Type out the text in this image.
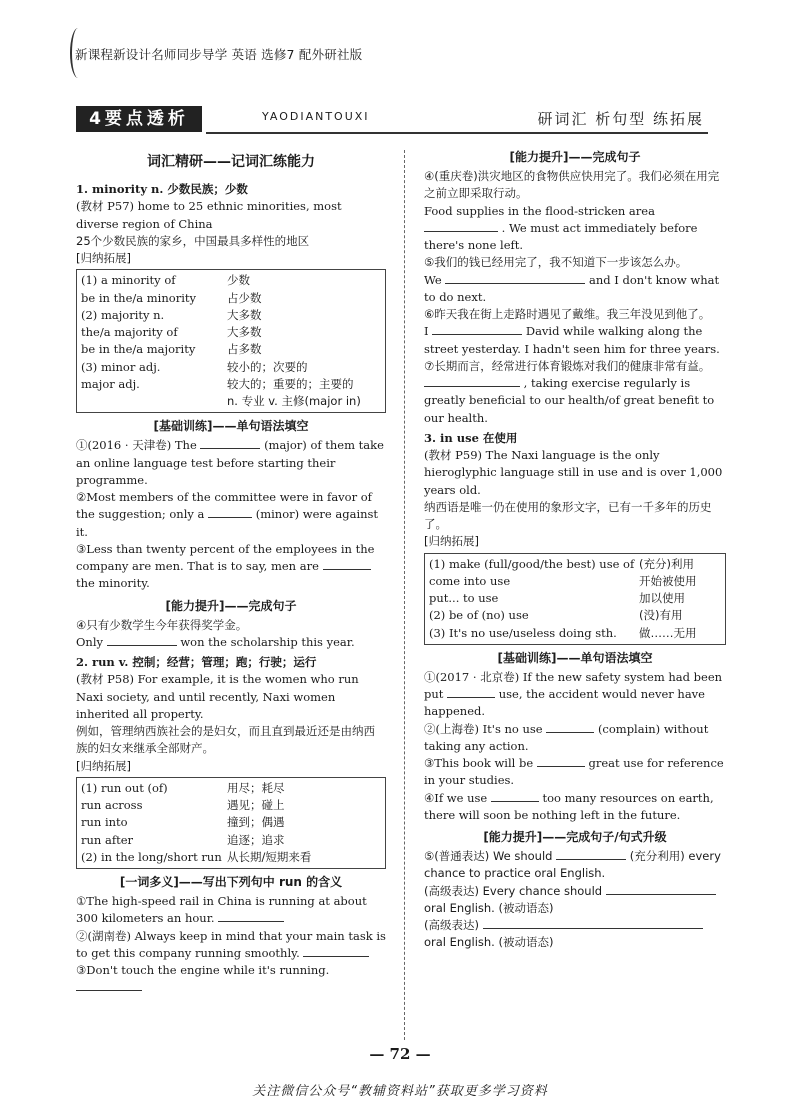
新课程新设计名师同步导学 英语 选修7 配外研社版
4要点透析	YAODIANTOUXI	研词汇 析句型 练拓展

词汇精研——记词汇练能力

1. minority n. 少数民族；少数

(教材 P57) home to 25 ethnic minorities, most diverse region of China

25个少数民族的家乡，中国最具多样性的地区

[归纳拓展]

(1) a minority of	少数
be in the/a minority	占少数
(2) majority n.	大多数
the/a majority of	大多数
be in the/a majority	占多数
(3) minor adj.	较小的；次要的
major adj.	较大的；重要的；主要的
n. 专业 v. 主修(major in)

[基础训练]——单句语法填空

①(2016 · 天津卷) The	(major) of them take an online language test before starting their programme.

②Most members of the committee were in favor of the suggestion; only a	(minor) were against it.

③Less than twenty percent of the employees in the company are men. That is to say, men are  the minority.

[能力提升]——完成句子

④只有少数学生今年获得奖学金。

Only	won the scholarship this year.

2. run v. 控制；经营；管理；跑；行驶；运行

(教材 P58) For example, it is the women who run Naxi society, and until recently, Naxi women inherited all property.

例如，管理纳西族社会的是妇女，而且直到最近还是由纳西族的妇女来继承全部财产。

[归纳拓展]

(1) run out (of)	用尽；耗尽
run across	遇见；碰上
run into	撞到；偶遇
run after	追逐；追求
(2) in the long/short run 从长期/短期来看

[一词多义]——写出下列句中 run 的含义

①The high-speed rail in China is running at about 300 kilometers an hour.

②(湖南卷) Always keep in mind that your main task is to get this company running smoothly.

③Don't touch the engine while it's running.

[能力提升]——完成句子

④(重庆卷)洪灾地区的食物供应快用完了。我们必须在用完之前立即采取行动。

Food supplies in the flood-stricken area  . We must act immediately before there's none left.

⑤我们的钱已经用完了，我不知道下一步该怎么办。

We	and I don't know what to do next.

⑥昨天我在街上走路时遇见了戴维。我三年没见到他了。

I	David while walking along the street yesterday. I hadn't seen him for three years.

⑦长期而言，经常进行体育锻炼对我们的健康非常有益。

, taking exercise regularly is greatly beneficial to our health/of great benefit to our health.

3. in use 在使用

(教材 P59) The Naxi language is the only hieroglyphic language still in use and is over 1,000 years old.

纳西语是唯一仍在使用的象形文字，已有一千多年的历史了。

[归纳拓展]

(1) make (full/good/the best) use of (充分)利用
come into use	开始被使用
put... to use	加以使用
(2) be of (no) use	(没)有用
(3) It's no use/useless doing sth.	做……无用

[基础训练]——单句语法填空

①(2017 · 北京卷) If the new safety system had been put	use, the accident would never have happened.

②(上海卷) It's no use	(complain) without taking any action.

③This book will be	great use for reference in your studies.

④If we use	too many resources on earth, there will soon be nothing left in the future.

[能力提升]——完成句子/句式升级

⑤(普通表达) We should	(充分利用) every chance to practice oral English.

(高级表达) Every chance should  oral English. (被动语态)

(高级表达)  oral English. (被动语态)

— 72 —
关注微信公众号“教辅资料站”获取更多学习资料
